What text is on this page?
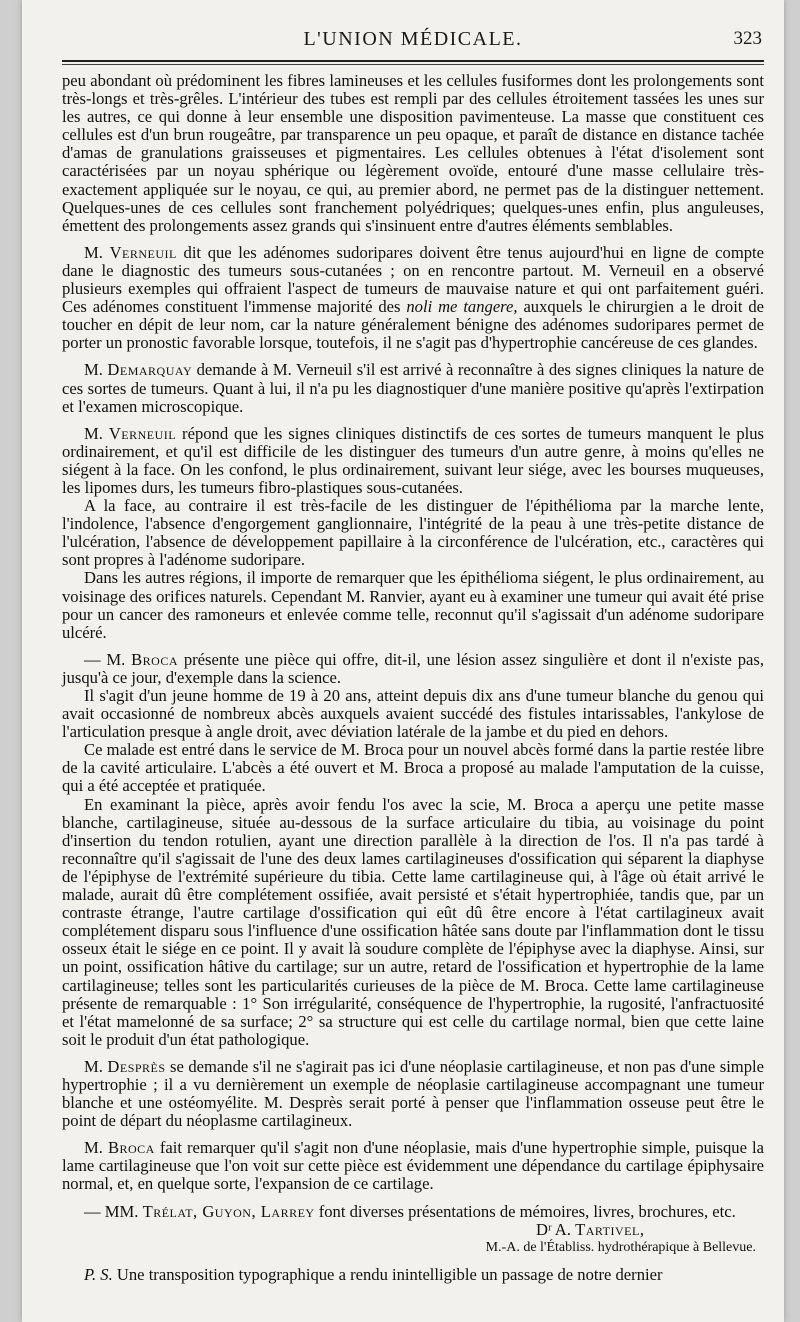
L'UNION MÉDICALE.	323

peu abondant où prédominent les fibres lamineuses et les cellules fusiformes dont les prolongements sont très-longs et très-grêles. L'intérieur des tubes est rempli par des cellules étroitement tassées les unes sur les autres, ce qui donne à leur ensemble une disposition pavimenteuse. La masse que constituent ces cellules est d'un brun rougeâtre, par transparence un peu opaque, et paraît de distance en distance tachée d'amas de granulations graisseuses et pigmentaires. Les cellules obtenues à l'état d'isolement sont caractérisées par un noyau sphérique ou légèrement ovoïde, entouré d'une masse cellulaire très-exactement appliquée sur le noyau, ce qui, au premier abord, ne permet pas de la distinguer nettement. Quelques-unes de ces cellules sont franchement polyédriques; quelques-unes enfin, plus anguleuses, émettent des prolongements assez grands qui s'insinuent entre d'autres éléments semblables.

M. Verneuil dit que les adénomes sudoripares doivent être tenus aujourd'hui en ligne de compte dane le diagnostic des tumeurs sous-cutanées ; on en rencontre partout. M. Verneuil en a observé plusieurs exemples qui offraient l'aspect de tumeurs de mauvaise nature et qui ont parfaitement guéri. Ces adénomes constituent l'immense majorité des noli me tangere, auxquels le chirurgien a le droit de toucher en dépit de leur nom, car la nature généralement bénigne des adénomes sudoripares permet de porter un pronostic favorable lorsque, toutefois, il ne s'agit pas d'hypertrophie cancéreuse de ces glandes.

M. Demarquay demande à M. Verneuil s'il est arrivé à reconnaître à des signes cliniques la nature de ces sortes de tumeurs. Quant à lui, il n'a pu les diagnostiquer d'une manière positive qu'après l'extirpation et l'examen microscopique.

M. Verneuil répond que les signes cliniques distinctifs de ces sortes de tumeurs manquent le plus ordinairement, et qu'il est difficile de les distinguer des tumeurs d'un autre genre, à moins qu'elles ne siégent à la face. On les confond, le plus ordinairement, suivant leur siége, avec les bourses muqueuses, les lipomes durs, les tumeurs fibro-plastiques sous-cutanées.

A la face, au contraire il est très-facile de les distinguer de l'épithélioma par la marche lente, l'indolence, l'absence d'engorgement ganglionnaire, l'intégrité de la peau à une très-petite distance de l'ulcération, l'absence de développement papillaire à la circonférence de l'ulcération, etc., caractères qui sont propres à l'adénome sudoripare.

Dans les autres régions, il importe de remarquer que les épithélioma siégent, le plus ordinairement, au voisinage des orifices naturels. Cependant M. Ranvier, ayant eu à examiner une tumeur qui avait été prise pour un cancer des ramoneurs et enlevée comme telle, reconnut qu'il s'agissait d'un adénome sudoripare ulcéré.

— M. Broca présente une pièce qui offre, dit-il, une lésion assez singulière et dont il n'existe pas, jusqu'à ce jour, d'exemple dans la science.

Il s'agit d'un jeune homme de 19 à 20 ans, atteint depuis dix ans d'une tumeur blanche du genou qui avait occasionné de nombreux abcès auxquels avaient succédé des fistules intarissables, l'ankylose de l'articulation presque à angle droit, avec déviation latérale de la jambe et du pied en dehors.

Ce malade est entré dans le service de M. Broca pour un nouvel abcès formé dans la partie restée libre de la cavité articulaire. L'abcès a été ouvert et M. Broca a proposé au malade l'amputation de la cuisse, qui a été acceptée et pratiquée.

En examinant la pièce, après avoir fendu l'os avec la scie, M. Broca a aperçu une petite masse blanche, cartilagineuse, située au-dessous de la surface articulaire du tibia, au voisinage du point d'insertion du tendon rotulien, ayant une direction parallèle à la direction de l'os. Il n'a pas tardé à reconnaître qu'il s'agissait de l'une des deux lames cartilagineuses d'ossification qui séparent la diaphyse de l'épiphyse de l'extrémité supérieure du tibia. Cette lame cartilagineuse qui, à l'âge où était arrivé le malade, aurait dû être complétement ossifiée, avait persisté et s'était hypertrophiée, tandis que, par un contraste étrange, l'autre cartilage d'ossification qui eût dû être encore à l'état cartilagineux avait complétement disparu sous l'influence d'une ossification hâtée sans doute par l'inflammation dont le tissu osseux était le siége en ce point. Il y avait là soudure complète de l'épiphyse avec la diaphyse. Ainsi, sur un point, ossification hâtive du cartilage; sur un autre, retard de l'ossification et hypertrophie de la lame cartilagineuse; telles sont les particularités curieuses de la pièce de M. Broca. Cette lame cartilagineuse présente de remarquable : 1° Son irrégularité, conséquence de l'hypertrophie, la rugosité, l'anfractuosité et l'état mamelonné de sa surface; 2° sa structure qui est celle du cartilage normal, bien que cette laine soit le produit d'un état pathologique.

M. Desprès se demande s'il ne s'agirait pas ici d'une néoplasie cartilagineuse, et non pas d'une simple hypertrophie ; il a vu dernièrement un exemple de néoplasie cartilagineuse accompagnant une tumeur blanche et une ostéomyélite. M. Desprès serait porté à penser que l'inflammation osseuse peut être le point de départ du néoplasme cartilagineux.

M. Broca fait remarquer qu'il s'agit non d'une néoplasie, mais d'une hypertrophie simple, puisque la lame cartilagineuse que l'on voit sur cette pièce est évidemment une dépendance du cartilage épiphysaire normal, et, en quelque sorte, l'expansion de ce cartilage.

— MM. Trélat, Guyon, Larrey font diverses présentations de mémoires, livres, brochures, etc.

Dʳ A. Tartivel,
M.-A. de l'Établiss. hydrothérapique à Bellevue.

P. S. Une transposition typographique a rendu inintelligible un passage de notre dernier
